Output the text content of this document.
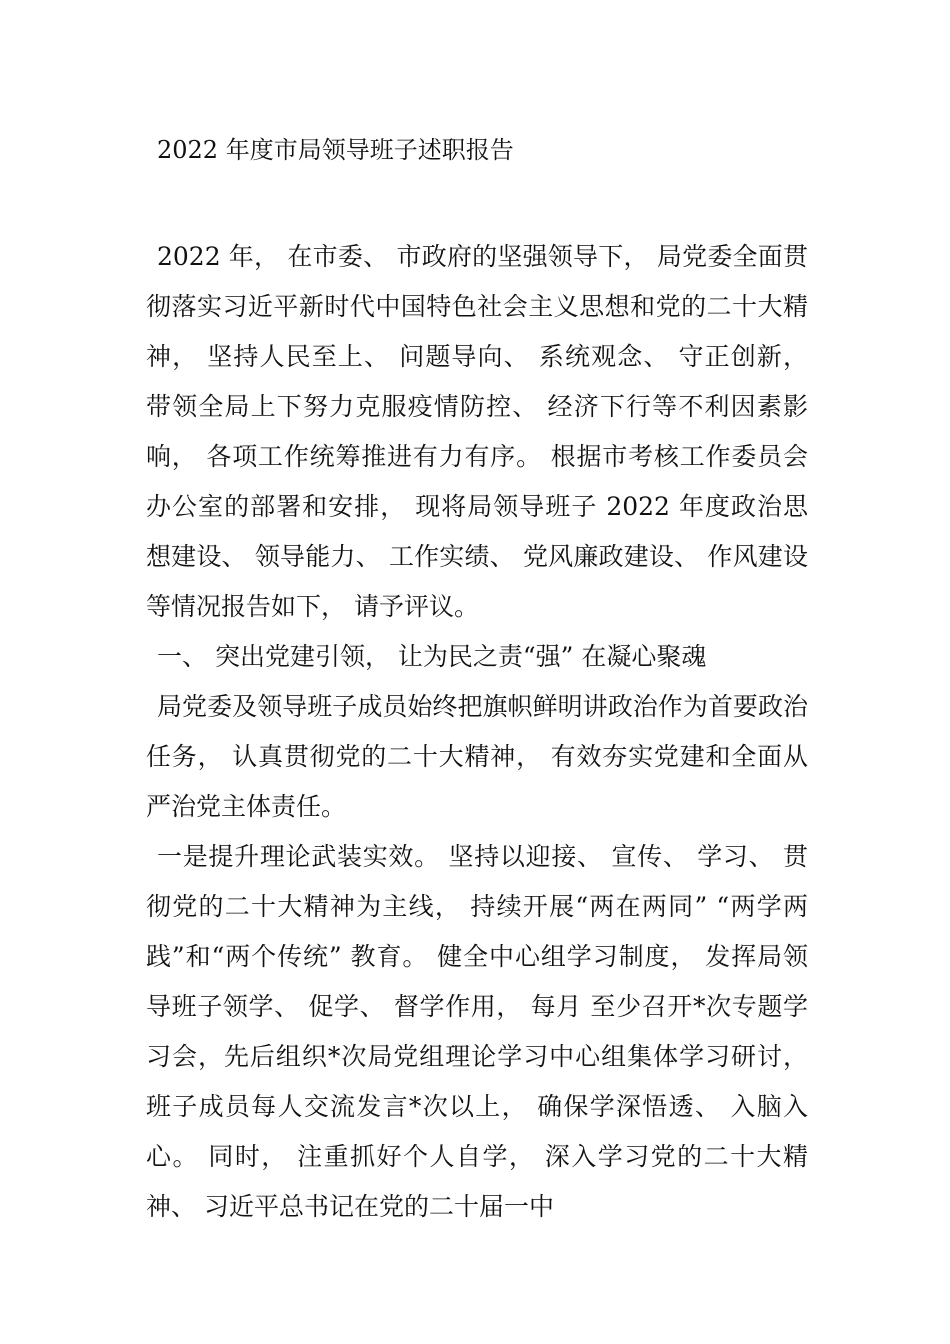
2022 年度市局领导班子述职报告

2022 年， 在市委、 市政府的坚强领导下， 局党委全面贯彻落实习近平新时代中国特色社会主义思想和党的二十大精神， 坚持人民至上、 问题导向、 系统观念、 守正创新， 带领全局上下努力克服疫情防控、 经济下行等不利因素影响， 各项工作统筹推进有力有序。 根据市考核工作委员会办公室的部署和安排， 现将局领导班子 2022 年度政治思想建设、 领导能力、 工作实绩、 党风廉政建设、 作风建设等情况报告如下， 请予评议。

一、 突出党建引领， 让为民之责“强” 在凝心聚魂

局党委及领导班子成员始终把旗帜鲜明讲政治作为首要政治任务， 认真贯彻党的二十大精神， 有效夯实党建和全面从严治党主体责任。

一是提升理论武装实效。 坚持以迎接、 宣传、 学习、 贯彻党的二十大精神为主线， 持续开展“两在两同” “两学两践”和“两个传统” 教育。 健全中心组学习制度， 发挥局领导班子领学、 促学、 督学作用， 每月 至少召开*次专题学习会，先后组织*次局党组理论学习中心组集体学习研讨， 班子成员每人交流发言*次以上， 确保学深悟透、 入脑入心。 同时， 注重抓好个人自学， 深入学习党的二十大精神、 习近平总书记在党的二十届一中
